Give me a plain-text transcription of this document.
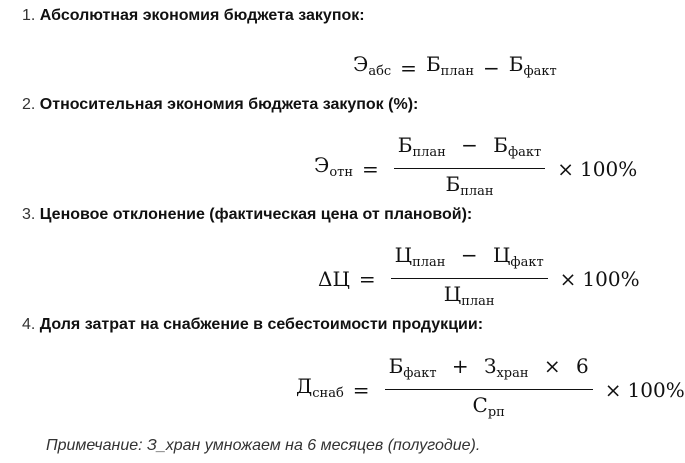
1. Абсолютная экономия бюджета закупок:
$Э_{абс} = Б_{план} - Б_{факт}$
2. Относительная экономия бюджета закупок (%):
$Э_{отн} = \frac{Б_{план} - Б_{факт}}{Б_{план}} \times 100\%$
3. Ценовое отклонение (фактическая цена от плановой):
$\Delta Ц = \frac{Ц_{план} - Ц_{факт}}{Ц_{план}} \times 100\%$
4. Доля затрат на снабжение в себестоимости продукции:
$Д_{снаб} = \frac{Б_{факт} + З_{хран} \times 6}{С_{рп}} \times 100\%$
Примечание: З_хран умножаем на 6 месяцев (полугодие).
